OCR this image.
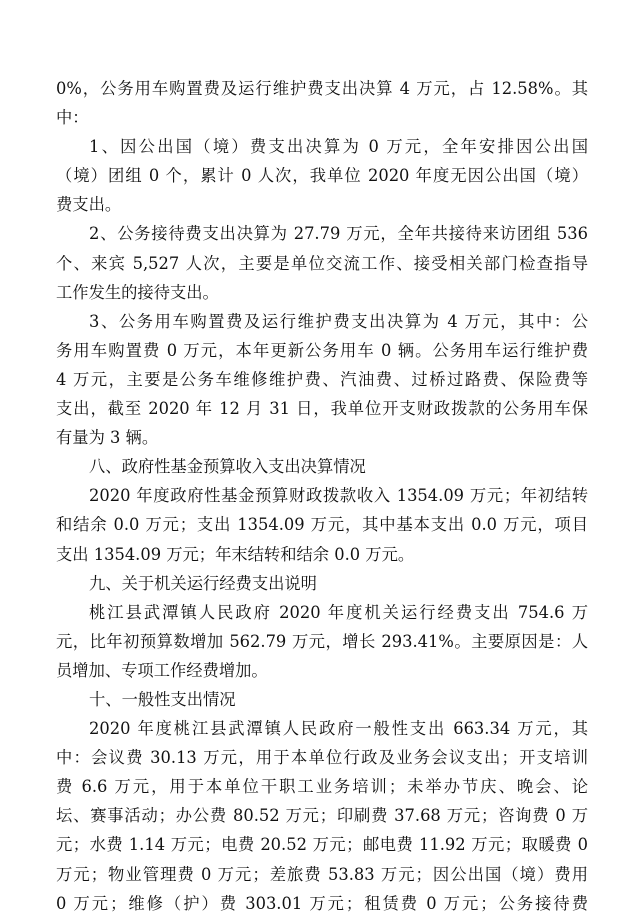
0%，公务用车购置费及运行维护费支出决算 4 万元，占 12.58%。其
中：
1、因公出国（境）费支出决算为 0 万元，全年安排因公出国
（境）团组 0 个，累计 0 人次，我单位 2020 年度无因公出国（境）
费支出。
2、公务接待费支出决算为 27.79 万元，全年共接待来访团组 536
个、来宾 5,527 人次，主要是单位交流工作、接受相关部门检查指导
工作发生的接待支出。
3、公务用车购置费及运行维护费支出决算为 4 万元，其中：公
务用车购置费 0 万元，本年更新公务用车 0 辆。公务用车运行维护费
4 万元，主要是公务车维修维护费、汽油费、过桥过路费、保险费等
支出，截至 2020 年 12 月 31 日，我单位开支财政拨款的公务用车保
有量为 3 辆。
八、政府性基金预算收入支出决算情况
2020 年度政府性基金预算财政拨款收入 1354.09 万元；年初结转
和结余 0.0 万元；支出 1354.09 万元，其中基本支出 0.0 万元，项目
支出 1354.09 万元；年末结转和结余 0.0 万元。
九、关于机关运行经费支出说明
桃江县武潭镇人民政府 2020 年度机关运行经费支出 754.6 万
元，比年初预算数增加 562.79 万元，增长 293.41%。主要原因是：人
员增加、专项工作经费增加。
十、一般性支出情况
2020 年度桃江县武潭镇人民政府一般性支出 663.34 万元，其
中：会议费 30.13 万元，用于本单位行政及业务会议支出；开支培训
费 6.6 万元，用于本单位干职工业务培训；未举办节庆、晚会、论
坛、赛事活动；办公费 80.52 万元；印刷费 37.68 万元；咨询费 0 万
元；水费 1.14 万元；电费 20.52 万元；邮电费 11.92 万元；取暖费 0
万元；物业管理费 0 万元；差旅费 53.83 万元；因公出国（境）费用
0 万元；维修（护）费 303.01 万元；租赁费 0 万元；公务接待费
